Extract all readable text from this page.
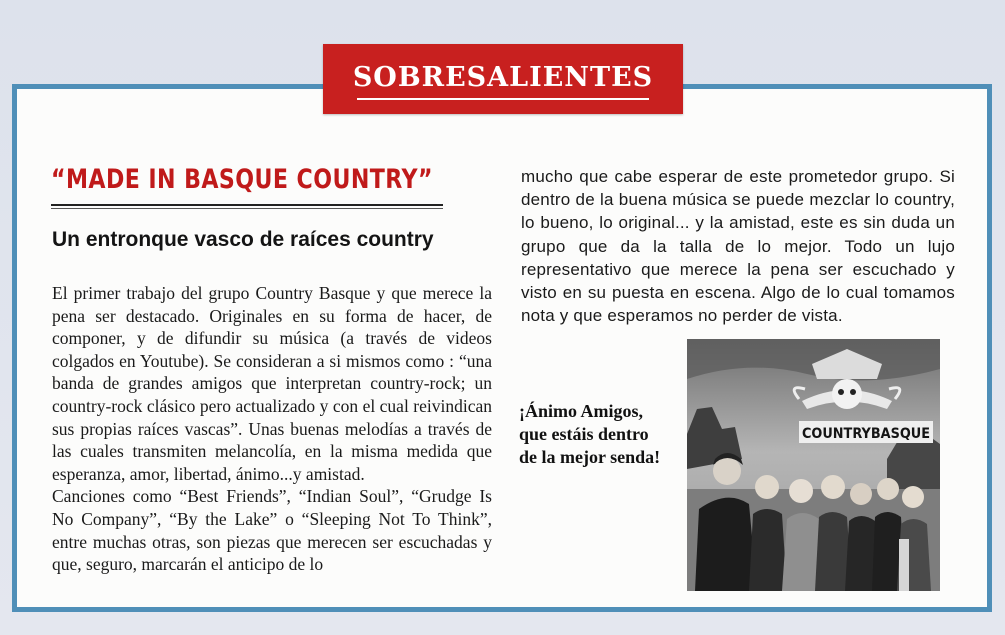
SOBRESALIENTES
“MADE IN BASQUE COUNTRY”
Un entronque vasco de raíces country

El primer trabajo del grupo Country Basque y que merece la pena ser destacado. Originales en su forma de hacer, de componer, y de difundir su música (a través de videos colgados en Youtube). Se consideran a si mismos como : “una banda de grandes amigos que interpretan country-rock; un country-rock clásico pero actualizado y con el cual reivindican sus propias raíces vascas”. Unas buenas melodías a través de las cuales transmiten melancolía, en la misma medida que esperanza, amor, libertad, ánimo...y amistad.

Canciones como “Best Friends”, “Indian Soul”, “Grudge Is No Company”, “By the Lake” o “Sleeping Not To Think”, entre muchas otras, son piezas que merecen ser escuchadas y que, seguro, marcarán el anticipo de lo

mucho que cabe esperar de este prometedor grupo. Si dentro de la buena música se puede mezclar lo country, lo bueno, lo original... y la amistad, este es sin duda un grupo que da la talla de lo mejor. Todo un lujo representativo que merece la pena ser escuchado y visto en su puesta en escena. Algo de lo cual tomamos nota y que esperamos no perder de vista.

¡Ánimo Amigos,
que estáis dentro
de la mejor senda!
COUNTRYBASQUE
